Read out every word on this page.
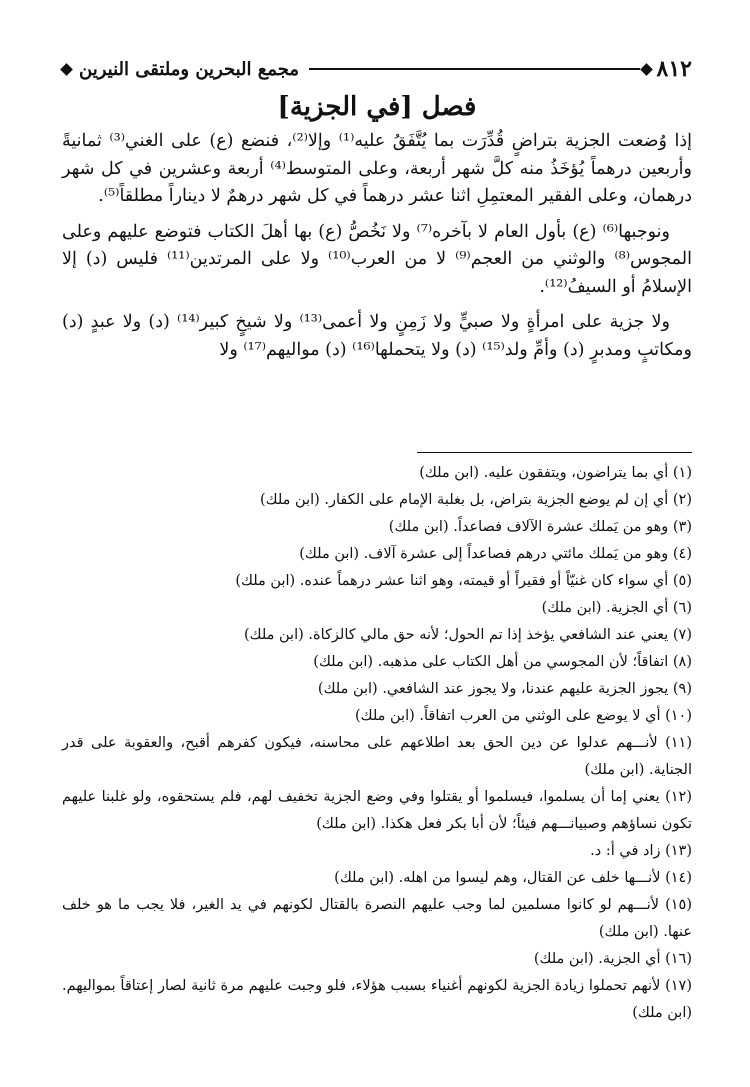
٨١٢
مجمع البحرين وملتقى النيرين
فصل [في الجزية]

إذا وُضعت الجزية بتراضٍ قُدِّرَت بما يُتَّفَقُ عليه⁽¹⁾ وإلا⁽²⁾، فنضع (ع) على الغني⁽³⁾ ثمانيةً وأربعين درهماً يُؤخَذُ منه كلَّ شهر أربعة، وعلى المتوسط⁽⁴⁾ أربعة وعشرين في كل شهر درهمان، وعلى الفقير المعتمِلِ اثنا عشر درهماً في كل شهر درهمٌ لا ديناراً مطلقاً⁽⁵⁾.

ونوجبها⁽⁶⁾ (ع) بأول العام لا بآخره⁽⁷⁾ ولا نَخُصُّ (ع) بها أهلَ الكتاب فتوضع عليهم وعلى المجوس⁽⁸⁾ والوثني من العجم⁽⁹⁾ لا من العرب⁽¹⁰⁾ ولا على المرتدين⁽¹¹⁾ فليس (د) إلا الإسلامُ أو السيفُ⁽¹²⁾.

ولا جزية على امرأةٍ ولا صبيٍّ ولا زَمِنٍ ولا أعمى⁽¹³⁾ ولا شيخٍ كبير⁽¹⁴⁾ (د) ولا عبدٍ (د) ومكاتبٍ ومدبرٍ (د) وأمِّ ولد⁽¹⁵⁾ (د) ولا يتحملها⁽¹⁶⁾ (د) مواليهم⁽¹⁷⁾ ولا

(١) أي بما يتراضون، ويتفقون عليه. (ابن ملك)

(٢) أي إن لم يوضع الجزية بتراض، بل بغلبة الإمام على الكفار. (ابن ملك)

(٣) وهو من يَملك عشرة الآلاف فصاعداً. (ابن ملك)

(٤) وهو من يَملك مائتي درهم فصاعداً إلى عشرة آلاف. (ابن ملك)

(٥) أي سواء كان غنيّاً أو فقيراً أو قيمته، وهو اثنا عشر درهماً عنده. (ابن ملك)

(٦) أي الجزية. (ابن ملك)

(٧) يعني عند الشافعي يؤخذ إذا تم الحول؛ لأنه حق مالي كالزكاة. (ابن ملك)

(٨) اتفاقاً؛ لأن المجوسي من أهل الكتاب على مذهبه. (ابن ملك)

(٩) يجوز الجزية عليهم عندنا، ولا يجوز عند الشافعي. (ابن ملك)

(١٠) أي لا يوضع على الوثني من العرب اتفاقاً. (ابن ملك)

(١١) لأنـــهم عدلوا عن دين الحق بعد اطلاعهم على محاسنه، فيكون كفرهم أقبح، والعقوبة على قدر الجناية. (ابن ملك)

(١٢) يعني إما أن يسلموا، فيسلموا أو يقتلوا وفي وضع الجزية تخفيف لهم، فلم يستحقوه، ولو غلبنا عليهم تكون نساؤهم وصبيانـــهم فيئاً؛ لأن أبا بكر فعل هكذا. (ابن ملك)

(١٣) زاد في أ: د.

(١٤) لأنـــها خلف عن القتال، وهم ليسوا من اهله. (ابن ملك)

(١٥) لأنـــهم لو كانوا مسلمين لما وجب عليهم النصرة بالقتال لكونهم في يد الغير، فلا يجب ما هو خلف عنها. (ابن ملك)

(١٦) أي الجزية. (ابن ملك)

(١٧) لأنهم تحملوا زيادة الجزية لكونهم أغنياء بسبب هؤلاء، فلو وجبت عليهم مرة ثانية لصار إعتاقاً بمواليهم. (ابن ملك)
